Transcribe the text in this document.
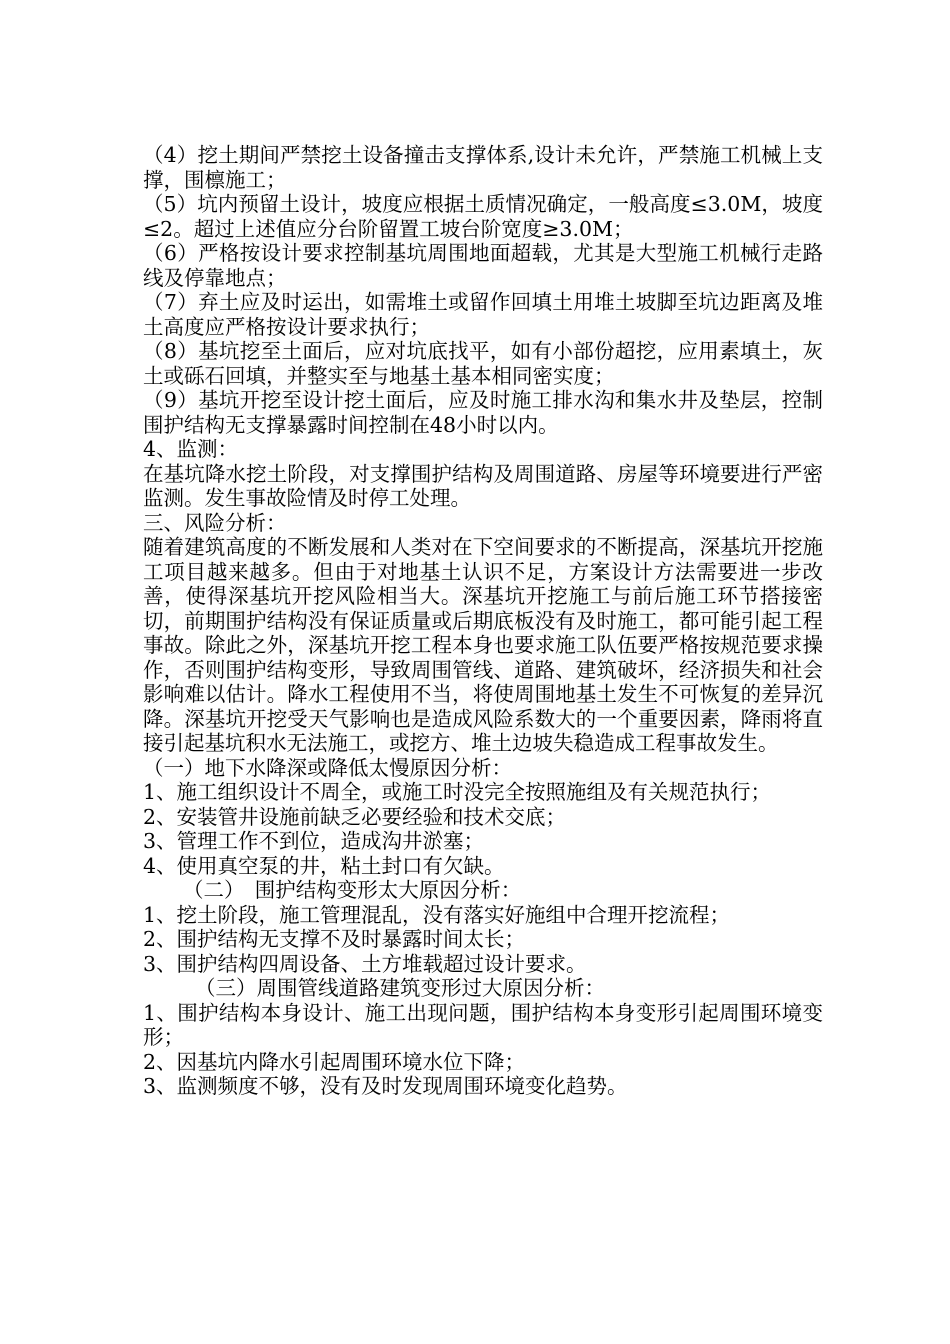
（4）挖土期间严禁挖土设备撞击支撑体系,设计未允许，严禁施工机械上支撑，围檩施工；

（5）坑内预留土设计，坡度应根据土质情况确定，一般高度≤3.0M，坡度≤2。超过上述值应分台阶留置工坡台阶宽度≥3.0M；

（6）严格按设计要求控制基坑周围地面超载，尤其是大型施工机械行走路线及停靠地点；

（7）弃土应及时运出，如需堆土或留作回填土用堆土坡脚至坑边距离及堆土高度应严格按设计要求执行；

（8）基坑挖至土面后，应对坑底找平，如有小部份超挖，应用素填土，灰土或砾石回填，并整实至与地基土基本相同密实度；

（9）基坑开挖至设计挖土面后，应及时施工排水沟和集水井及垫层，控制围护结构无支撑暴露时间控制在48小时以内。

4、监测：

在基坑降水挖土阶段，对支撑围护结构及周围道路、房屋等环境要进行严密监测。发生事故险情及时停工处理。

三、风险分析：

随着建筑高度的不断发展和人类对在下空间要求的不断提高，深基坑开挖施工项目越来越多。但由于对地基土认识不足，方案设计方法需要进一步改善，使得深基坑开挖风险相当大。深基坑开挖施工与前后施工环节搭接密切，前期围护结构没有保证质量或后期底板没有及时施工，都可能引起工程事故。除此之外，深基坑开挖工程本身也要求施工队伍要严格按规范要求操作，否则围护结构变形，导致周围管线、道路、建筑破坏，经济损失和社会影响难以估计。降水工程使用不当，将使周围地基土发生不可恢复的差异沉降。深基坑开挖受天气影响也是造成风险系数大的一个重要因素，降雨将直接引起基坑积水无法施工，或挖方、堆土边坡失稳造成工程事故发生。

（一）地下水降深或降低太慢原因分析：

1、施工组织设计不周全，或施工时没完全按照施组及有关规范执行；

2、安装管井设施前缺乏必要经验和技术交底；

3、管理工作不到位，造成沟井淤塞；

4、使用真空泵的井，粘土封口有欠缺。

（二）　围护结构变形太大原因分析：

1、挖土阶段，施工管理混乱，没有落实好施组中合理开挖流程；

2、围护结构无支撑不及时暴露时间太长；

3、围护结构四周设备、土方堆载超过设计要求。

（三）周围管线道路建筑变形过大原因分析：

1、围护结构本身设计、施工出现问题，围护结构本身变形引起周围环境变形；

2、因基坑内降水引起周围环境水位下降；

3、监测频度不够，没有及时发现周围环境变化趋势。
